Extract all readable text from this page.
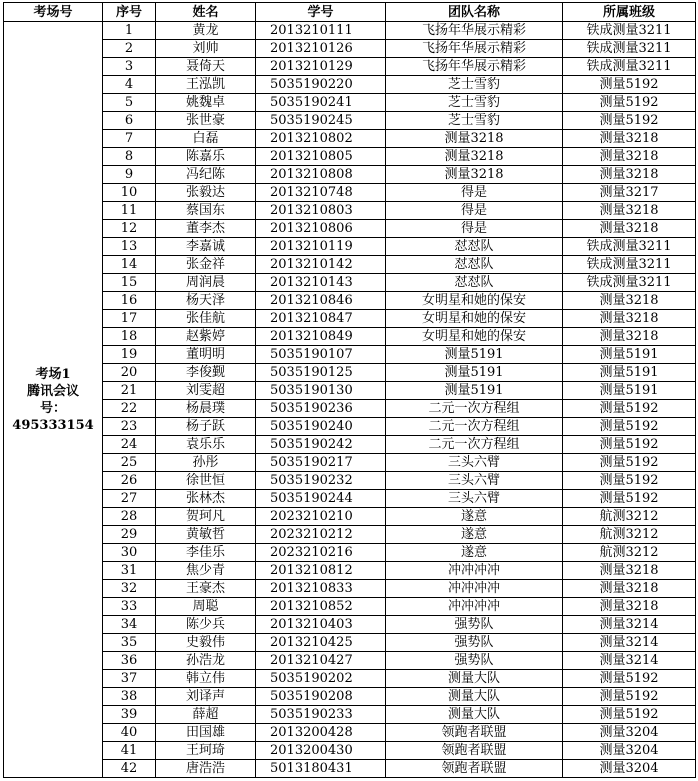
考场号	序号	姓名	学号	团队名称	所属班级

考场1
腾讯会议
号：
495333154	1	黄龙	2013210111	飞扬年华展示精彩	铁成测量3211
	2	刘帅	2013210126	飞扬年华展示精彩	铁成测量3211
	3	聂倚天	2013210129	飞扬年华展示精彩	铁成测量3211
	4	王泓凯	5035190220	芝士雪豹	测量5192
	5	姚魏卓	5035190241	芝士雪豹	测量5192
	6	张世豪	5035190245	芝士雪豹	测量5192
	7	白磊	2013210802	测量3218	测量3218
	8	陈嘉乐	2013210805	测量3218	测量3218
	9	冯纪陈	2013210808	测量3218	测量3218
	10	张毅达	2013210748	得是	测量3217
	11	蔡国东	2013210803	得是	测量3218
	12	董李杰	2013210806	得是	测量3218
	13	李嘉诚	2013210119	怼怼队	铁成测量3211
	14	张金祥	2013210142	怼怼队	铁成测量3211
	15	周润晨	2013210143	怼怼队	铁成测量3211
	16	杨天泽	2013210846	女明星和她的保安	测量3218
	17	张佳航	2013210847	女明星和她的保安	测量3218
	18	赵紫婷	2013210849	女明星和她的保安	测量3218
	19	董明明	5035190107	测量5191	测量5191
	20	李俊觐	5035190125	测量5191	测量5191
	21	刘雯超	5035190130	测量5191	测量5191
	22	杨晨璞	5035190236	二元一次方程组	测量5192
	23	杨子跃	5035190240	二元一次方程组	测量5192
	24	袁乐乐	5035190242	二元一次方程组	测量5192
	25	孙彤	5035190217	三头六臂	测量5192
	26	徐世恒	5035190232	三头六臂	测量5192
	27	张林杰	5035190244	三头六臂	测量5192
	28	贺珂凡	2023210210	遂意	航测3212
	29	黄敏哲	2023210212	遂意	航测3212
	30	李佳乐	2023210216	遂意	航测3212
	31	焦少青	2013210812	冲冲冲冲	测量3218
	32	王豪杰	2013210833	冲冲冲冲	测量3218
	33	周聪	2013210852	冲冲冲冲	测量3218
	34	陈少兵	2013210403	强势队	测量3214
	35	史毅伟	2013210425	强势队	测量3214
	36	孙浩龙	2013210427	强势队	测量3214
	37	韩立伟	5035190202	测量大队	测量5192
	38	刘译声	5035190208	测量大队	测量5192
	39	薛超	5035190233	测量大队	测量5192
	40	田国雄	2013200428	领跑者联盟	测量3204
	41	王珂琦	2013200430	领跑者联盟	测量3204
	42	唐浩浩	5013180431	领跑者联盟	测量3204
